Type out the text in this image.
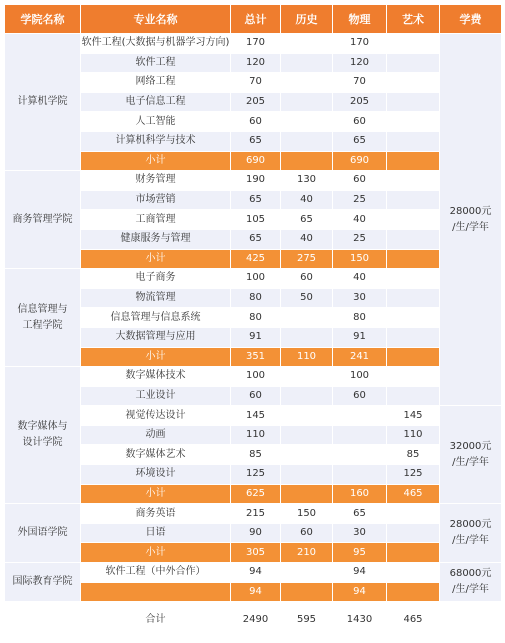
学院名称	专业名称	总计	历史	物理	艺术	学费
计算机学院	软件工程(大数据与机器学习方向)	170		170		28000元
/生/学年
	软件工程	120		120		
	网络工程	70		70		
	电子信息工程	205		205		
	人工智能	60		60		
	计算机科学与技术	65		65		
	小计	690		690		
商务管理学院	财务管理	190	130	60		
	市场营销	65	40	25		
	工商管理	105	65	40		
	健康服务与管理	65	40	25		
	小计	425	275	150		
信息管理与
工程学院	电子商务	100	60	40		
	物流管理	80	50	30		
	信息管理与信息系统	80		80		
	大数据管理与应用	91		91		
	小计	351	110	241		
数字媒体与
设计学院	数字媒体技术	100		100		
	工业设计	60		60		
	视觉传达设计	145			145	32000元
/生/学年
	动画	110			110	
	数字媒体艺术	85			85	
	环境设计	125			125	
	小计	625		160	465	
外国语学院	商务英语	215	150	65		28000元
/生/学年
	日语	90	60	30		
	小计	305	210	95		
国际教育学院	软件工程（中外合作）	94		94		68000元
/生/学年
		94		94		
	合计	2490	595	1430	465	
